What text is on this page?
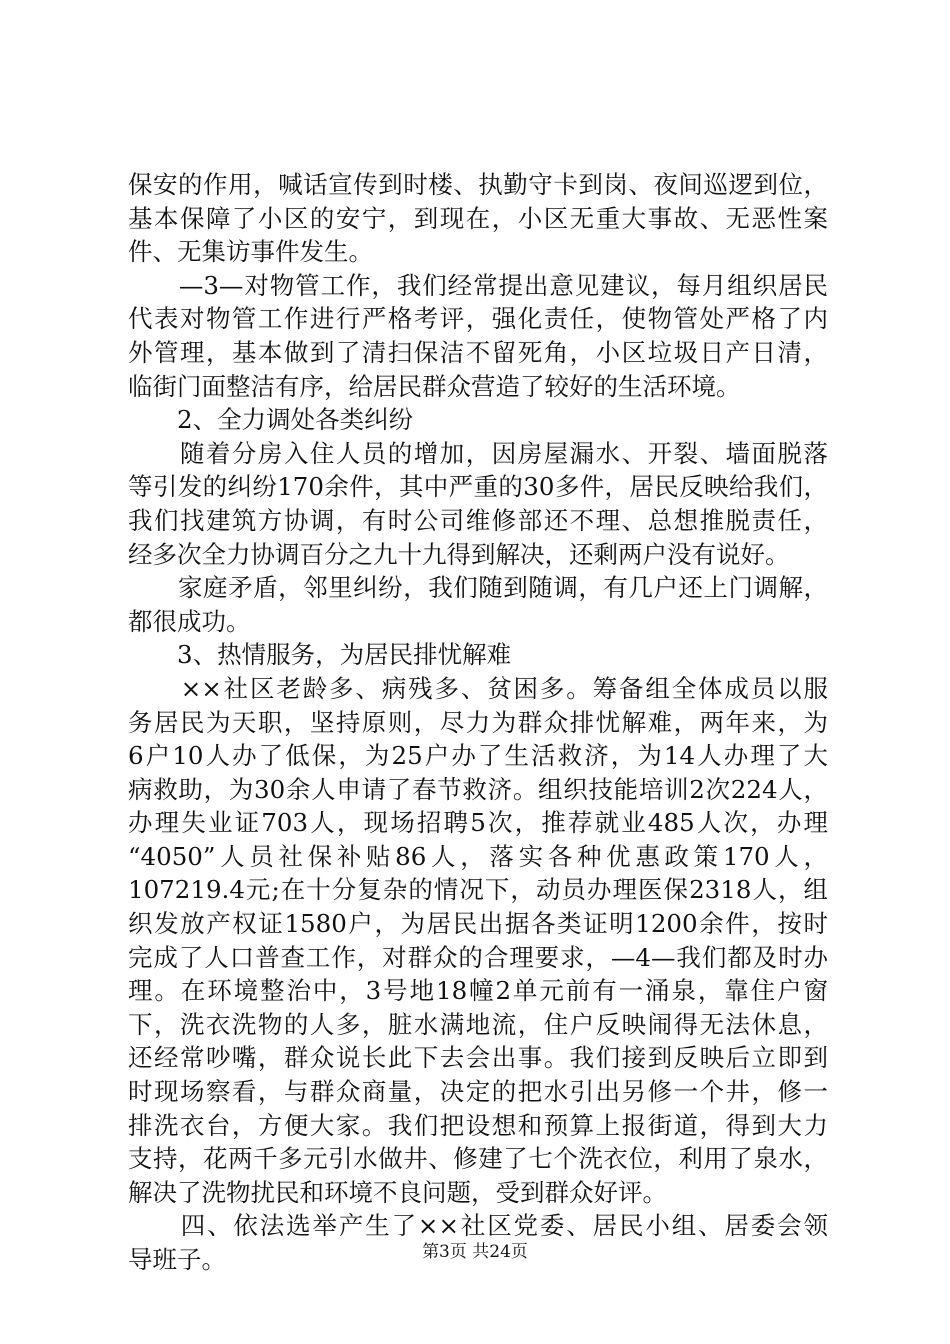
保安的作用，喊话宣传到时楼、执勤守卡到岗、夜间巡逻到位，
基本保障了小区的安宁，到现在，小区无重大事故、无恶性案
件、无集访事件发生。
　　—3—对物管工作，我们经常提出意见建议，每月组织居民
代表对物管工作进行严格考评，强化责任，使物管处严格了内
外管理，基本做到了清扫保洁不留死角，小区垃圾日产日清，
临街门面整洁有序，给居民群众营造了较好的生活环境。
　　2、全力调处各类纠纷
　　随着分房入住人员的增加，因房屋漏水、开裂、墙面脱落
等引发的纠纷170余件，其中严重的30多件，居民反映给我们，
我们找建筑方协调，有时公司维修部还不理、总想推脱责任，
经多次全力协调百分之九十九得到解决，还剩两户没有说好。
　　家庭矛盾，邻里纠纷，我们随到随调，有几户还上门调解，
都很成功。
　　3、热情服务，为居民排忧解难
　　××社区老龄多、病残多、贫困多。筹备组全体成员以服
务居民为天职，坚持原则，尽力为群众排忧解难，两年来，为
6户10人办了低保，为25户办了生活救济，为14人办理了大
病救助，为30余人申请了春节救济。组织技能培训2次224人，
办理失业证703人，现场招聘5次，推荐就业485人次，办理
“4050”人员社保补贴86人，落实各种优惠政策170人，
107219.4元;在十分复杂的情况下，动员办理医保2318人，组
织发放产权证1580户，为居民出据各类证明1200余件，按时
完成了人口普查工作，对群众的合理要求，—4—我们都及时办
理。在环境整治中，3号地18幢2单元前有一涌泉，靠住户窗
下，洗衣洗物的人多，脏水满地流，住户反映闹得无法休息，
还经常吵嘴，群众说长此下去会出事。我们接到反映后立即到
时现场察看，与群众商量，决定的把水引出另修一个井，修一
排洗衣台，方便大家。我们把设想和预算上报街道，得到大力
支持，花两千多元引水做井、修建了七个洗衣位，利用了泉水，
解决了洗物扰民和环境不良问题，受到群众好评。
　　四、依法选举产生了××社区党委、居民小组、居委会领
导班子。	第3页 共24页
